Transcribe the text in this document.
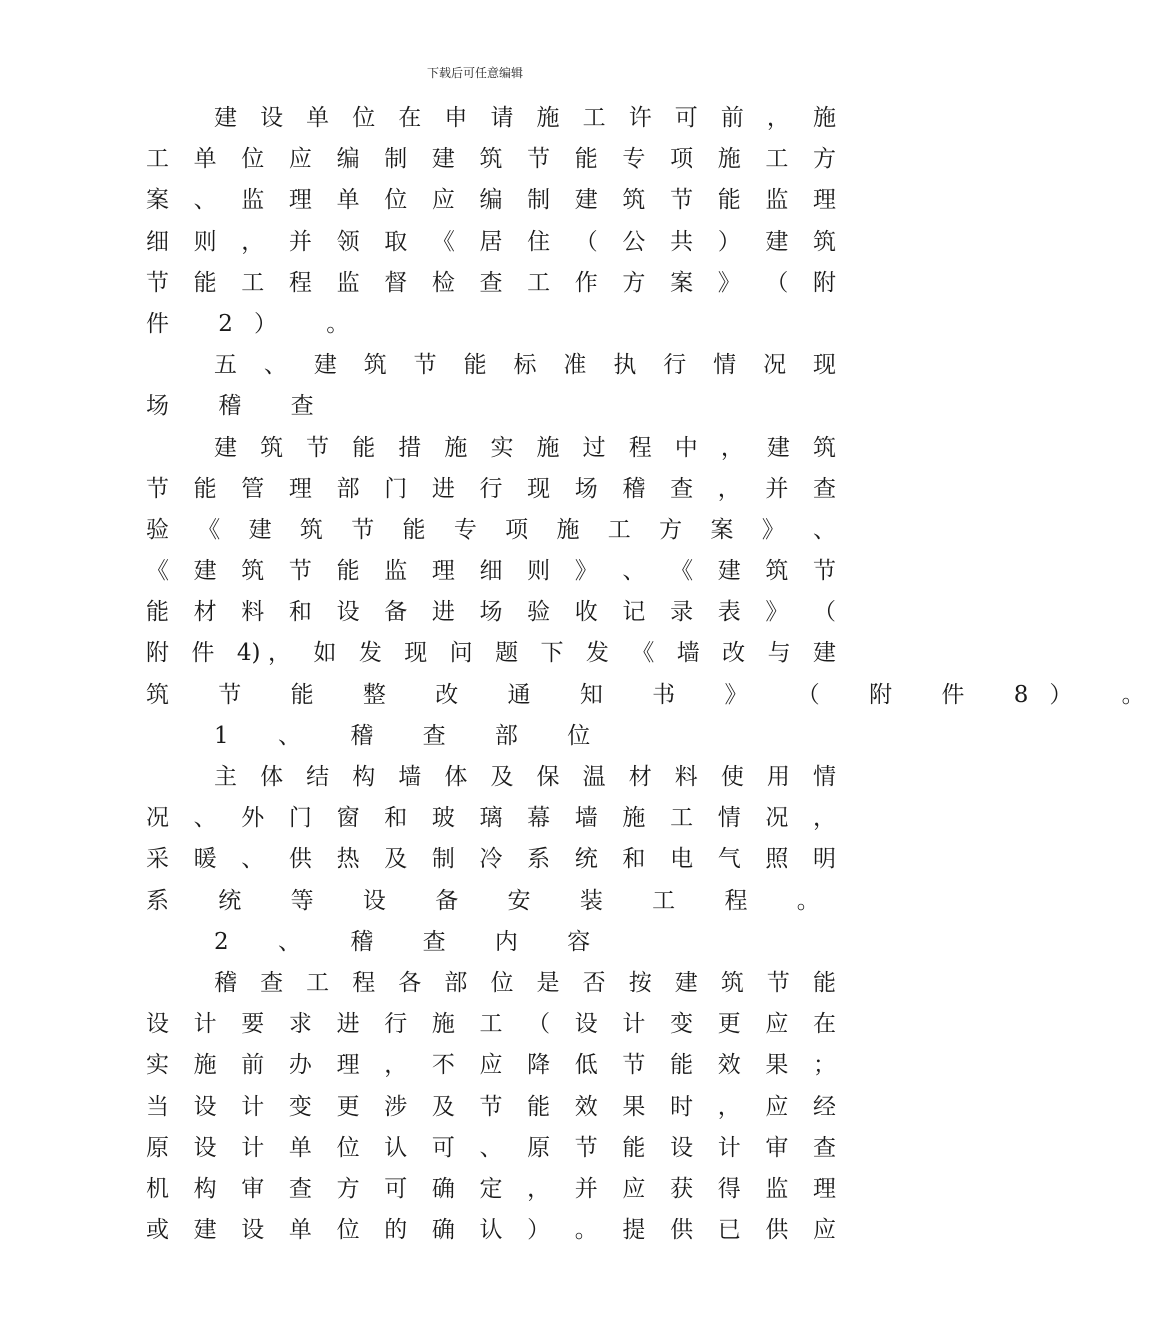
下载后可任意编辑
建 设 单 位 在 申 请 施 工 许 可 前 ， 施
工 单 位 应 编 制 建 筑 节 能 专 项 施 工 方
案 、 监 理 单 位 应 编 制 建 筑 节 能 监 理
细 则 ， 并 领 取 《 居 住 （ 公 共 ） 建 筑
节 能 工 程 监 督 检 查 工 作 方 案 》 （ 附
件 2） 。
五 、 建 筑 节 能 标 准 执 行 情 况 现
场 稽 查
建 筑 节 能 措 施 实 施 过 程 中 ， 建 筑
节 能 管 理 部 门 进 行 现 场 稽 查 ， 并 查
验 《 建 筑 节 能 专 项 施 工 方 案 》 、
《 建 筑 节 能 监 理 细 则 》 、 《 建 筑 节
能 材 料 和 设 备 进 场 验 收 记 录 表 》 （
附 件 4)， 如 发 现 问 题 下 发 《 墙 改 与 建
筑 节 能 整 改 通 知 书 》 （ 附 件 8） 。
1 、 稽 查 部 位
主 体 结 构 墙 体 及 保 温 材 料 使 用 情
况 、 外 门 窗 和 玻 璃 幕 墙 施 工 情 况 ，
采 暖 、 供 热 及 制 冷 系 统 和 电 气 照 明
系 统 等 设 备 安 装 工 程 。
2 、 稽 查 内 容
稽 查 工 程 各 部 位 是 否 按 建 筑 节 能
设 计 要 求 进 行 施 工 （ 设 计 变 更 应 在
实 施 前 办 理 ， 不 应 降 低 节 能 效 果 ；
当 设 计 变 更 涉 及 节 能 效 果 时 ， 应 经
原 设 计 单 位 认 可 、 原 节 能 设 计 审 查
机 构 审 查 方 可 确 定 ， 并 应 获 得 监 理
或 建 设 单 位 的 确 认 ） 。 提 供 已 供 应
